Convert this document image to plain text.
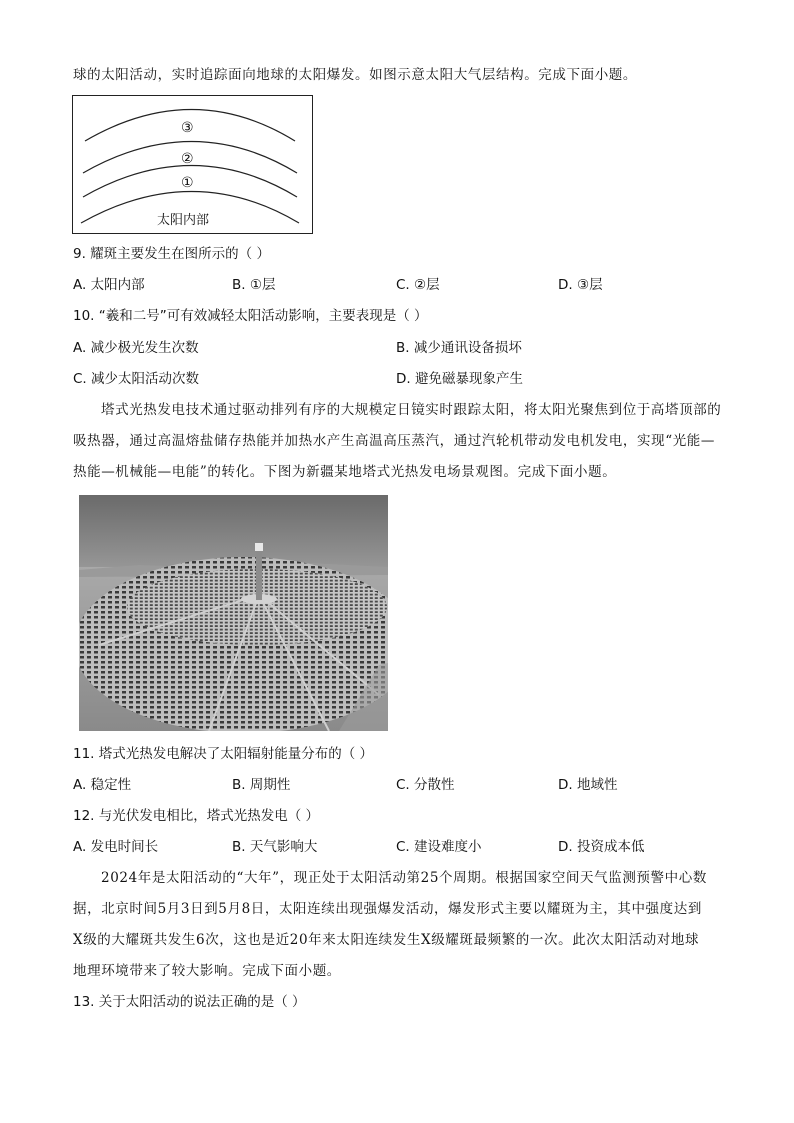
球的太阳活动，实时追踪面向地球的太阳爆发。如图示意太阳大气层结构。完成下面小题。
③
②
①
太阳内部
9. 耀斑主要发生在图所示的（ ）
A. 太阳内部	B. ①层	C. ②层	D. ③层
10. “羲和二号”可有效减轻太阳活动影响，主要表现是（ ）
A. 减少极光发生次数	B. 减少通讯设备损坏
C. 减少太阳活动次数	D. 避免磁暴现象产生
塔式光热发电技术通过驱动排列有序的大规模定日镜实时跟踪太阳，将太阳光聚焦到位于高塔顶部的
吸热器，通过高温熔盐储存热能并加热水产生高温高压蒸汽，通过汽轮机带动发电机发电，实现“光能—
热能—机械能—电能”的转化。下图为新疆某地塔式光热发电场景观图。完成下面小题。
11. 塔式光热发电解决了太阳辐射能量分布的（ ）
A. 稳定性	B. 周期性	C. 分散性	D. 地域性
12. 与光伏发电相比，塔式光热发电（ ）
A. 发电时间长	B. 天气影响大	C. 建设难度小	D. 投资成本低
2024年是太阳活动的“大年”，现正处于太阳活动第25个周期。根据国家空间天气监测预警中心数
据，北京时间5月3日到5月8日，太阳连续出现强爆发活动，爆发形式主要以耀斑为主，其中强度达到
X级的大耀斑共发生6次，这也是近20年来太阳连续发生X级耀斑最频繁的一次。此次太阳活动对地球
地理环境带来了较大影响。完成下面小题。
13. 关于太阳活动的说法正确的是（ ）
